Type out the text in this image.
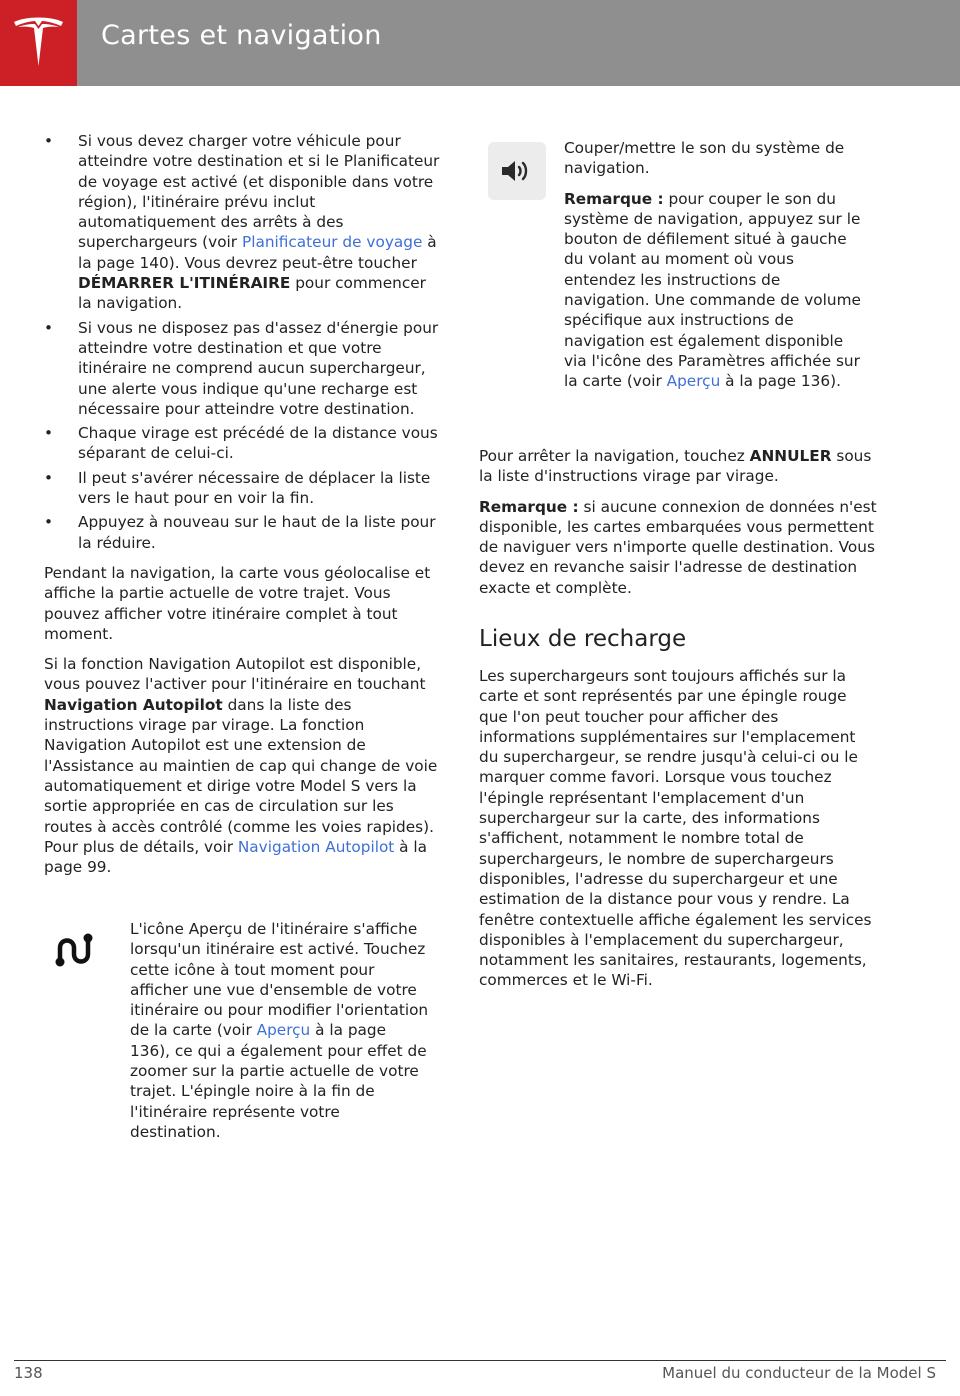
Cartes et navigation
• Si vous devez charger votre véhicule pour atteindre votre destination et si le Planificateur de voyage est activé (et disponible dans votre région), l'itinéraire prévu inclut automatiquement des arrêts à des superchargeurs (voir Planificateur de voyage à la page 140). Vous devrez peut-être toucher DÉMARRER L'ITINÉRAIRE pour commencer la navigation.
• Si vous ne disposez pas d'assez d'énergie pour atteindre votre destination et que votre itinéraire ne comprend aucun superchargeur, une alerte vous indique qu'une recharge est nécessaire pour atteindre votre destination.
• Chaque virage est précédé de la distance vous séparant de celui-ci.
• Il peut s'avérer nécessaire de déplacer la liste vers le haut pour en voir la fin.
• Appuyez à nouveau sur le haut de la liste pour la réduire.

Pendant la navigation, la carte vous géolocalise et affiche la partie actuelle de votre trajet. Vous pouvez afficher votre itinéraire complet à tout moment.

Si la fonction Navigation Autopilot est disponible, vous pouvez l'activer pour l'itinéraire en touchant Navigation Autopilot dans la liste des instructions virage par virage. La fonction Navigation Autopilot est une extension de l'Assistance au maintien de cap qui change de voie automatiquement et dirige votre Model S vers la sortie appropriée en cas de circulation sur les routes à accès contrôlé (comme les voies rapides). Pour plus de détails, voir Navigation Autopilot à la page 99.

L'icône Aperçu de l'itinéraire s'affiche lorsqu'un itinéraire est activé. Touchez cette icône à tout moment pour afficher une vue d'ensemble de votre itinéraire ou pour modifier l'orientation de la carte (voir Aperçu à la page 136), ce qui a également pour effet de zoomer sur la partie actuelle de votre trajet. L'épingle noire à la fin de l'itinéraire représente votre destination.

Couper/mettre le son du système de navigation.

Remarque : pour couper le son du système de navigation, appuyez sur le bouton de défilement situé à gauche du volant au moment où vous entendez les instructions de navigation. Une commande de volume spécifique aux instructions de navigation est également disponible via l'icône des Paramètres affichée sur la carte (voir Aperçu à la page 136).

Pour arrêter la navigation, touchez ANNULER sous la liste d'instructions virage par virage.

Remarque : si aucune connexion de données n'est disponible, les cartes embarquées vous permettent de naviguer vers n'importe quelle destination. Vous devez en revanche saisir l'adresse de destination exacte et complète.

Lieux de recharge
Les superchargeurs sont toujours affichés sur la carte et sont représentés par une épingle rouge que l'on peut toucher pour afficher des informations supplémentaires sur l'emplacement du superchargeur, se rendre jusqu'à celui-ci ou le marquer comme favori. Lorsque vous touchez l'épingle représentant l'emplacement d'un superchargeur sur la carte, des informations s'affichent, notamment le nombre total de superchargeurs, le nombre de superchargeurs disponibles, l'adresse du superchargeur et une estimation de la distance pour vous y rendre. La fenêtre contextuelle affiche également les services disponibles à l'emplacement du superchargeur, notamment les sanitaires, restaurants, logements, commerces et le Wi-Fi.
138	Manuel du conducteur de la Model S
